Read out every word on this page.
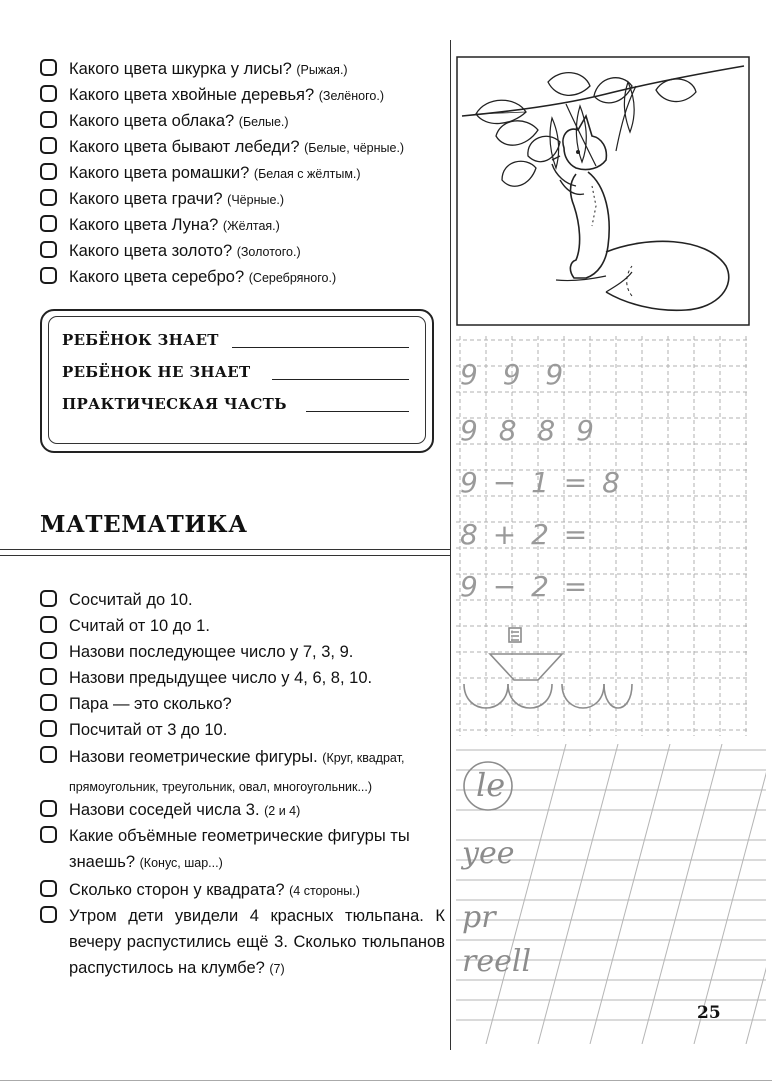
Какого цвета шкурка у лисы? (Рыжая.)
Какого цвета хвойные деревья? (Зелёного.)
Какого цвета облака? (Белые.)
Какого цвета бывают лебеди? (Белые, чёрные.)
Какого цвета ромашки? (Белая с жёлтым.)
Какого цвета грачи? (Чёрные.)
Какого цвета Луна? (Жёлтая.)
Какого цвета золото? (Золотого.)
Какого цвета серебро? (Серебряного.)
РЕБЁНОК ЗНАЕТ
РЕБЁНОК НЕ ЗНАЕТ
ПРАКТИЧЕСКАЯ ЧАСТЬ
МАТЕМАТИКА
Сосчитай до 10.
Считай от 10 до 1.
Назови последующее число у 7, 3, 9.
Назови предыдущее число у 4, 6, 8, 10.
Пара — это сколько?
Посчитай от 3 до 10.
Назови геометрические фигуры. (Круг, квадрат, прямоугольник, треугольник, овал, многоугольник...)
Назови соседей числа 3. (2 и 4)
Какие объёмные геометрические фигуры ты знаешь? (Конус, шар...)
Сколько сторон у квадрата? (4 стороны.)
Утром дети увидели 4 красных тюльпана. К вечеру распустились ещё 3. Сколько тюльпанов распустилось на клумбе? (7)
9 9 9
9 8 8 9
9 − 1 = 8
8 + 2 =
9 − 2 =
le
yee
pr
reell
25
